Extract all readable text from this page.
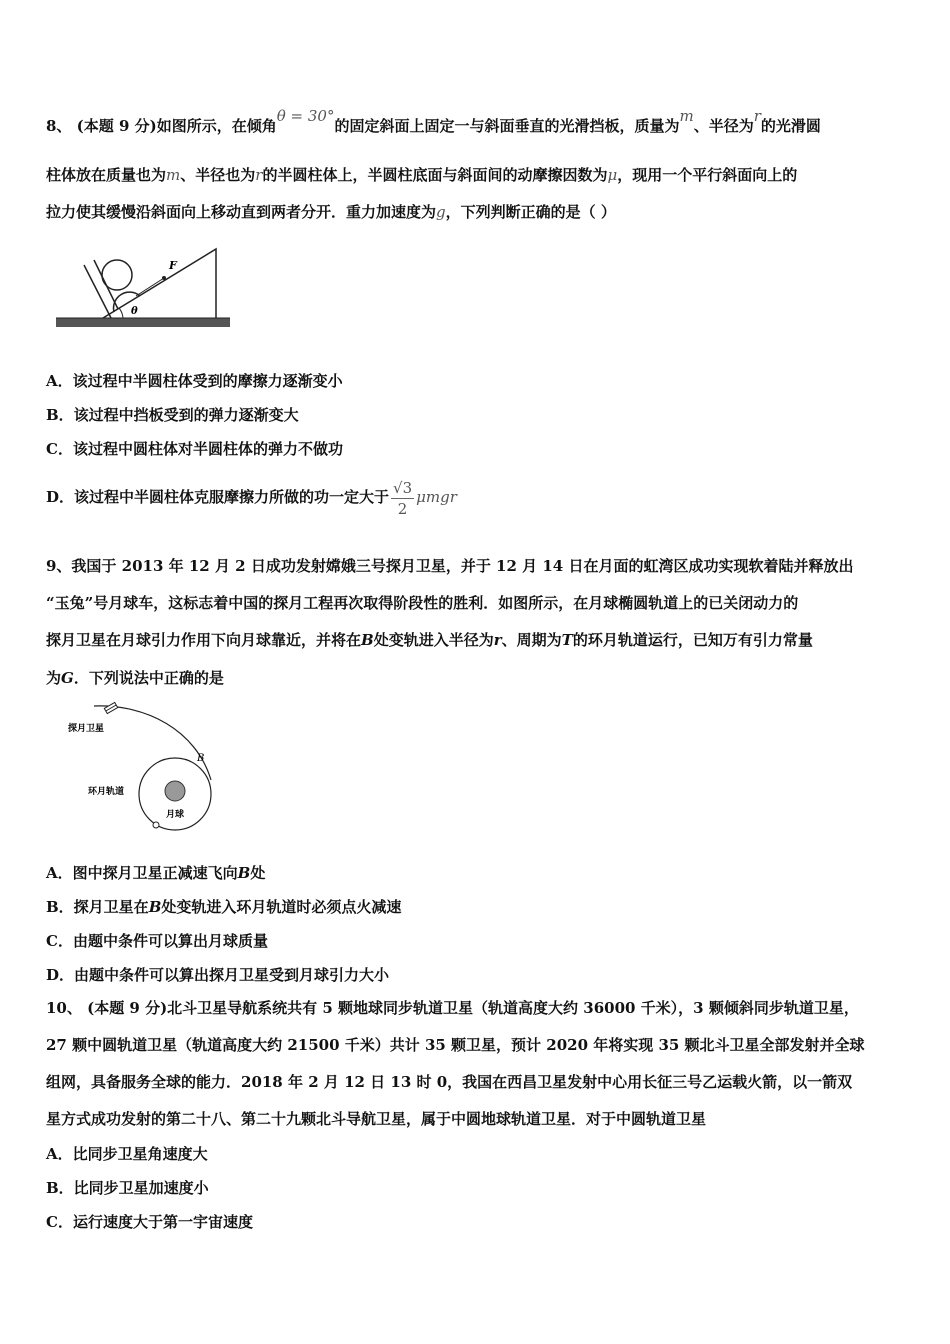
8、 (本题 9 分)如图所示，在倾角θ = 30°的固定斜面上固定一与斜面垂直的光滑挡板，质量为m、半径为r的光滑圆
柱体放在质量也为m、半径也为r的半圆柱体上，半圆柱底面与斜面间的动摩擦因数为μ，现用一个平行斜面向上的
拉力使其缓慢沿斜面向上移动直到两者分开．重力加速度为g，下列判断正确的是（ ）
F
θ
A．该过程中半圆柱体受到的摩擦力逐渐变小
B．该过程中挡板受到的弹力逐渐变大
C．该过程中圆柱体对半圆柱体的弹力不做功
D．该过程中半圆柱体克服摩擦力所做的功一定大于 $\frac{√3}{2}$ μmgr
9、我国于 2013 年 12 月 2 日成功发射嫦娥三号探月卫星，并于 12 月 14 日在月面的虹湾区成功实现软着陆并释放出
“玉兔”号月球车，这标志着中国的探月工程再次取得阶段性的胜利．如图所示，在月球椭圆轨道上的已关闭动力的
探月卫星在月球引力作用下向月球靠近，并将在B处变轨进入半径为r、周期为T的环月轨道运行，已知万有引力常量
为G．下列说法中正确的是
探月卫星
环月轨道
月球
B
A．图中探月卫星正减速飞向B处
B．探月卫星在B处变轨进入环月轨道时必须点火减速
C．由题中条件可以算出月球质量
D．由题中条件可以算出探月卫星受到月球引力大小
10、 (本题 9 分)北斗卫星导航系统共有 5 颗地球同步轨道卫星（轨道高度大约 36000 千米），3 颗倾斜同步轨道卫星，
27 颗中圆轨道卫星（轨道高度大约 21500 千米）共计 35 颗卫星，预计 2020 年将实现 35 颗北斗卫星全部发射并全球
组网，具备服务全球的能力．2018 年 2 月 12 日 13 时 0，我国在西昌卫星发射中心用长征三号乙运载火箭，以一箭双
星方式成功发射的第二十八、第二十九颗北斗导航卫星，属于中圆地球轨道卫星．对于中圆轨道卫星
A．比同步卫星角速度大
B．比同步卫星加速度小
C．运行速度大于第一宇宙速度
